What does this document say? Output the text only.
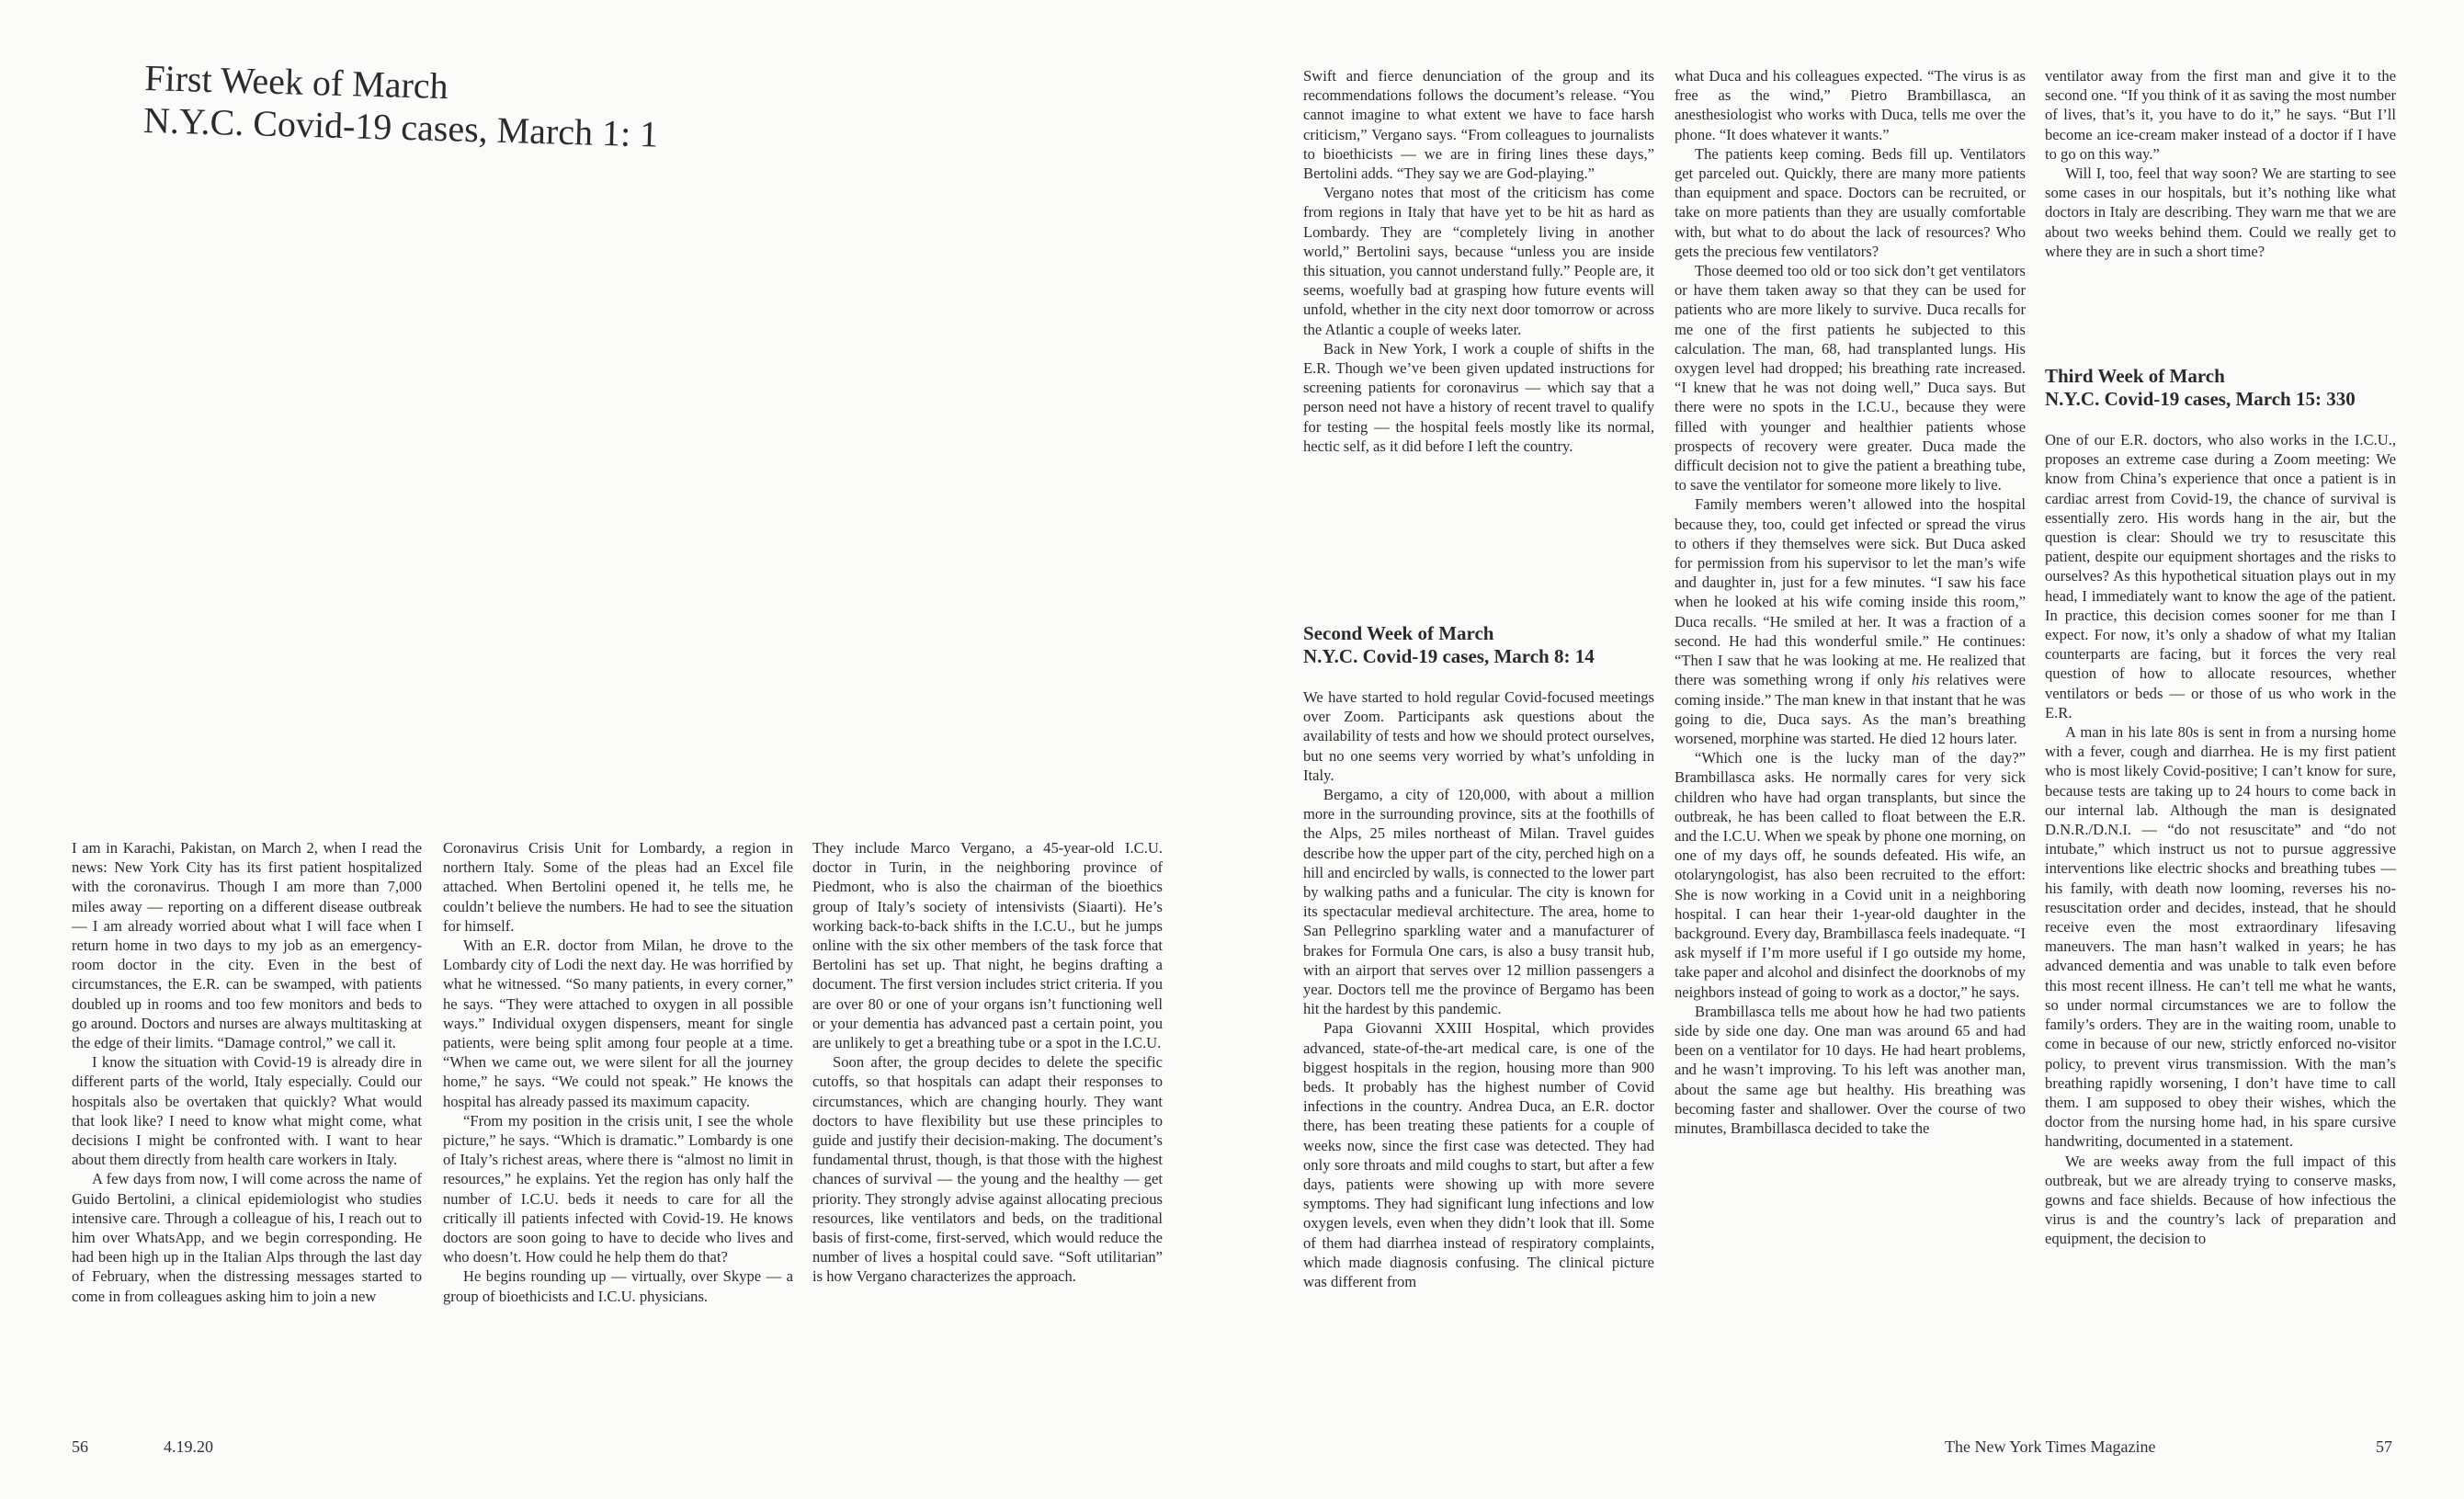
First Week of March
N.Y.C. Covid-19 cases, March 1: 1

I am in Karachi, Pakistan, on March 2, when I read the news: New York City has its first patient hospitalized with the coronavirus. Though I am more than 7,000 miles away — reporting on a different disease outbreak — I am already worried about what I will face when I return home in two days to my job as an emergency-room doctor in the city. Even in the best of circumstances, the E.R. can be swamped, with patients doubled up in rooms and too few monitors and beds to go around. Doctors and nurses are always multitasking at the edge of their limits. “Damage control,” we call it.

I know the situation with Covid-19 is already dire in different parts of the world, Italy especially. Could our hospitals also be overtaken that quickly? What would that look like? I need to know what might come, what decisions I might be confronted with. I want to hear about them directly from health care workers in Italy.

A few days from now, I will come across the name of Guido Bertolini, a clinical epidemiologist who studies intensive care. Through a colleague of his, I reach out to him over WhatsApp, and we begin corresponding. He had been high up in the Italian Alps through the last day of February, when the distressing messages started to come in from colleagues asking him to join a new

Coronavirus Crisis Unit for Lombardy, a region in northern Italy. Some of the pleas had an Excel file attached. When Bertolini opened it, he tells me, he couldn’t believe the numbers. He had to see the situation for himself.

With an E.R. doctor from Milan, he drove to the Lombardy city of Lodi the next day. He was horrified by what he witnessed. “So many patients, in every corner,” he says. “They were attached to oxygen in all possible ways.” Individual oxygen dispensers, meant for single patients, were being split among four people at a time. “When we came out, we were silent for all the journey home,” he says. “We could not speak.” He knows the hospital has already passed its maximum capacity.

“From my position in the crisis unit, I see the whole picture,” he says. “Which is dramatic.” Lombardy is one of Italy’s richest areas, where there is “almost no limit in resources,” he explains. Yet the region has only half the number of I.C.U. beds it needs to care for all the critically ill patients infected with Covid-19. He knows doctors are soon going to have to decide who lives and who doesn’t. How could he help them do that?

He begins rounding up — virtually, over Skype — a group of bioethicists and I.C.U. physicians.

They include Marco Vergano, a 45-year-old I.C.U. doctor in Turin, in the neighboring province of Piedmont, who is also the chairman of the bioethics group of Italy’s society of intensivists (Siaarti). He’s working back-to-back shifts in the I.C.U., but he jumps online with the six other members of the task force that Bertolini has set up. That night, he begins drafting a document. The first version includes strict criteria. If you are over 80 or one of your organs isn’t functioning well or your dementia has advanced past a certain point, you are unlikely to get a breathing tube or a spot in the I.C.U.

Soon after, the group decides to delete the specific cutoffs, so that hospitals can adapt their responses to circumstances, which are changing hourly. They want doctors to have flexibility but use these principles to guide and justify their decision-making. The document’s fundamental thrust, though, is that those with the highest chances of survival — the young and the healthy — get priority. They strongly advise against allocating precious resources, like ventilators and beds, on the traditional basis of first-come, first-served, which would reduce the number of lives a hospital could save. “Soft utilitarian” is how Vergano characterizes the approach.

56	4.19.20

Swift and fierce denunciation of the group and its recommendations follows the document’s release. “You cannot imagine to what extent we have to face harsh criticism,” Vergano says. “From colleagues to journalists to bioethicists — we are in firing lines these days,” Bertolini adds. “They say we are God-playing.”

Vergano notes that most of the criticism has come from regions in Italy that have yet to be hit as hard as Lombardy. They are “completely living in another world,” Bertolini says, because “unless you are inside this situation, you cannot understand fully.” People are, it seems, woefully bad at grasping how future events will unfold, whether in the city next door tomorrow or across the Atlantic a couple of weeks later.

Back in New York, I work a couple of shifts in the E.R. Though we’ve been given updated instructions for screening patients for coronavirus — which say that a person need not have a history of recent travel to qualify for testing — the hospital feels mostly like its normal, hectic self, as it did before I left the country.

Second Week of March
N.Y.C. Covid-19 cases, March 8: 14

We have started to hold regular Covid-focused meetings over Zoom. Participants ask questions about the availability of tests and how we should protect ourselves, but no one seems very worried by what’s unfolding in Italy.

Bergamo, a city of 120,000, with about a million more in the surrounding province, sits at the foothills of the Alps, 25 miles northeast of Milan. Travel guides describe how the upper part of the city, perched high on a hill and encircled by walls, is connected to the lower part by walking paths and a funicular. The city is known for its spectacular medieval architecture. The area, home to San Pellegrino sparkling water and a manufacturer of brakes for Formula One cars, is also a busy transit hub, with an airport that serves over 12 million passengers a year. Doctors tell me the province of Bergamo has been hit the hardest by this pandemic.

Papa Giovanni XXIII Hospital, which provides advanced, state-of-the-art medical care, is one of the biggest hospitals in the region, housing more than 900 beds. It probably has the highest number of Covid infections in the country. Andrea Duca, an E.R. doctor there, has been treating these patients for a couple of weeks now, since the first case was detected. They had only sore throats and mild coughs to start, but after a few days, patients were showing up with more severe symptoms. They had significant lung infections and low oxygen levels, even when they didn’t look that ill. Some of them had diarrhea instead of respiratory complaints, which made diagnosis confusing. The clinical picture was different from

what Duca and his colleagues expected. “The virus is as free as the wind,” Pietro Brambillasca, an anesthesiologist who works with Duca, tells me over the phone. “It does whatever it wants.”

The patients keep coming. Beds fill up. Ventilators get parceled out. Quickly, there are many more patients than equipment and space. Doctors can be recruited, or take on more patients than they are usually comfortable with, but what to do about the lack of resources? Who gets the precious few ventilators?

Those deemed too old or too sick don’t get ventilators or have them taken away so that they can be used for patients who are more likely to survive. Duca recalls for me one of the first patients he subjected to this calculation. The man, 68, had transplanted lungs. His oxygen level had dropped; his breathing rate increased. “I knew that he was not doing well,” Duca says. But there were no spots in the I.C.U., because they were filled with younger and healthier patients whose prospects of recovery were greater. Duca made the difficult decision not to give the patient a breathing tube, to save the ventilator for someone more likely to live.

Family members weren’t allowed into the hospital because they, too, could get infected or spread the virus to others if they themselves were sick. But Duca asked for permission from his supervisor to let the man’s wife and daughter in, just for a few minutes. “I saw his face when he looked at his wife coming inside this room,” Duca recalls. “He smiled at her. It was a fraction of a second. He had this wonderful smile.” He continues: “Then I saw that he was looking at me. He realized that there was something wrong if only his relatives were coming inside.” The man knew in that instant that he was going to die, Duca says. As the man’s breathing worsened, morphine was started. He died 12 hours later.

“Which one is the lucky man of the day?” Brambillasca asks. He normally cares for very sick children who have had organ transplants, but since the outbreak, he has been called to float between the E.R. and the I.C.U. When we speak by phone one morning, on one of my days off, he sounds defeated. His wife, an otolaryngologist, has also been recruited to the effort: She is now working in a Covid unit in a neighboring hospital. I can hear their 1-year-old daughter in the background. Every day, Brambillasca feels inadequate. “I ask myself if I’m more useful if I go outside my home, take paper and alcohol and disinfect the doorknobs of my neighbors instead of going to work as a doctor,” he says.

Brambillasca tells me about how he had two patients side by side one day. One man was around 65 and had been on a ventilator for 10 days. He had heart problems, and he wasn’t improving. To his left was another man, about the same age but healthy. His breathing was becoming faster and shallower. Over the course of two minutes, Brambillasca decided to take the

ventilator away from the first man and give it to the second one. “If you think of it as saving the most number of lives, that’s it, you have to do it,” he says. “But I’ll become an ice-cream maker instead of a doctor if I have to go on this way.”

Will I, too, feel that way soon? We are starting to see some cases in our hospitals, but it’s nothing like what doctors in Italy are describing. They warn me that we are about two weeks behind them. Could we really get to where they are in such a short time?

Third Week of March
N.Y.C. Covid-19 cases, March 15: 330

One of our E.R. doctors, who also works in the I.C.U., proposes an extreme case during a Zoom meeting: We know from China’s experience that once a patient is in cardiac arrest from Covid-19, the chance of survival is essentially zero. His words hang in the air, but the question is clear: Should we try to resuscitate this patient, despite our equipment shortages and the risks to ourselves? As this hypothetical situation plays out in my head, I immediately want to know the age of the patient. In practice, this decision comes sooner for me than I expect. For now, it’s only a shadow of what my Italian counterparts are facing, but it forces the very real question of how to allocate resources, whether ventilators or beds — or those of us who work in the E.R.

A man in his late 80s is sent in from a nursing home with a fever, cough and diarrhea. He is my first patient who is most likely Covid-positive; I can’t know for sure, because tests are taking up to 24 hours to come back in our internal lab. Although the man is designated D.N.R./D.N.I. — “do not resuscitate” and “do not intubate,” which instruct us not to pursue aggressive interventions like electric shocks and breathing tubes — his family, with death now looming, reverses his no-resuscitation order and decides, instead, that he should receive even the most extraordinary lifesaving maneuvers. The man hasn’t walked in years; he has advanced dementia and was unable to talk even before this most recent illness. He can’t tell me what he wants, so under normal circumstances we are to follow the family’s orders. They are in the waiting room, unable to come in because of our new, strictly enforced no-visitor policy, to prevent virus transmission. With the man’s breathing rapidly worsening, I don’t have time to call them. I am supposed to obey their wishes, which the doctor from the nursing home had, in his spare cursive handwriting, documented in a statement.

We are weeks away from the full impact of this outbreak, but we are already trying to conserve masks, gowns and face shields. Because of how infectious the virus is and the country’s lack of preparation and equipment, the decision to

The New York Times Magazine	57
